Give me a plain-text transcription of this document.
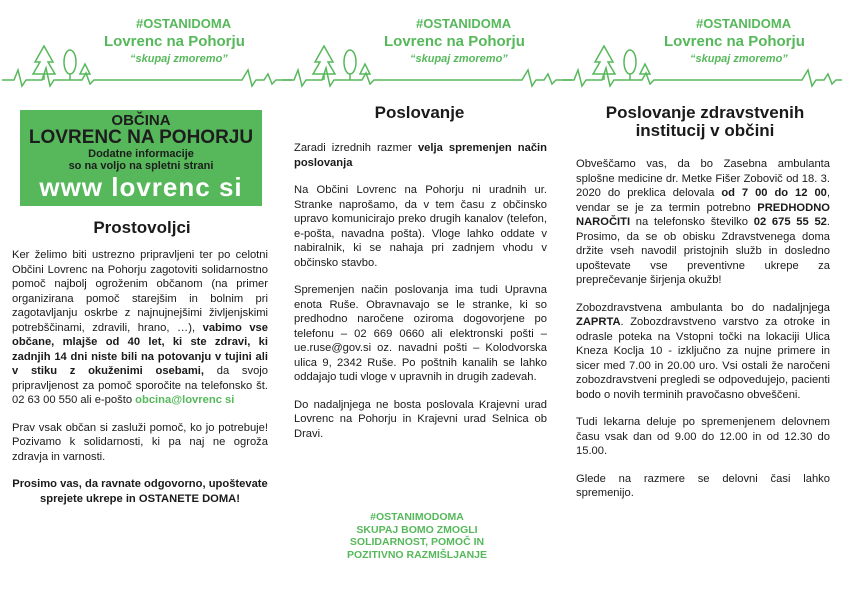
#OSTANIDOMA
Lovrenc na Pohorju
“skupaj zmoremo”
OBČINA
LOVRENC NA POHORJU
Dodatne informacije
so na voljo na spletni strani
www lovrenc si
Prostovoljci

Ker želimo biti ustrezno pripravljeni ter po celotni Občini Lovrenc na Pohorju zagotoviti solidarnostno pomoč najbolj ogroženim občanom (na primer organizirana pomoč starejšim in bolnim pri zagotavljanju oskrbe z najnujnejšimi življenjskimi potrebščinami, zdravili, hrano, …), vabimo vse občane, mlajše od 40 let, ki ste zdravi, ki zadnjih 14 dni niste bili na potovanju v tujini ali v stiku z okuženimi osebami, da svojo pripravljenost za pomoč sporočite na telefonsko št. 02 63 00 550 ali e-pošto obcina@lovrenc si

Prav vsak občan si zasluži pomoč, ko jo potrebuje! Pozivamo k solidarnosti, ki pa naj ne ogroža zdravja in varnosti.

Prosimo vas, da ravnate odgovorno, upoštevate sprejete ukrepe in OSTANETE DOMA!

#OSTANIDOMA
Lovrenc na Pohorju
“skupaj zmoremo”
Poslovanje

Zaradi izrednih razmer velja spremenjen način poslovanja

Na Občini Lovrenc na Pohorju ni uradnih ur. Stranke naprošamo, da v tem času z občinsko upravo komunicirajo preko drugih kanalov (telefon, e-pošta, navadna pošta). Vloge lahko oddate v nabiralnik, ki se nahaja pri zadnjem vhodu v občinsko stavbo.

Spremenjen način poslovanja ima tudi Upravna enota Ruše. Obravnavajo se le stranke, ki so predhodno naročene oziroma dogovorjene po telefonu – 02 669 0660 ali elektronski pošti – ue.ruse@gov.si oz. navadni pošti – Kolodvorska ulica 9, 2342 Ruše. Po poštnih kanalih se lahko oddajajo tudi vloge v upravnih in drugih zadevah.

Do nadaljnjega ne bosta poslovala Krajevni urad Lovrenc na Pohorju in Krajevni urad Selnica ob Dravi.

#OSTANIMODOMA
SKUPAJ BOMO ZMOGLI
SOLIDARNOST, POMOČ IN
POZITIVNO RAZMIŠLJANJE
#OSTANIDOMA
Lovrenc na Pohorju
“skupaj zmoremo”
Poslovanje zdravstvenih institucij v občini

Obveščamo vas, da bo Zasebna ambulanta splošne medicine dr. Metke Fišer Zobovič od 18. 3. 2020 do preklica delovala od 7 00 do 12 00, vendar se je za termin potrebno PREDHODNO NAROČITI na telefonsko številko 02 675 55 52. Prosimo, da se ob obisku Zdravstvenega doma držite vseh navodil pristojnih služb in dosledno upoštevate vse preventivne ukrepe za preprečevanje širjenja okužb!

Zobozdravstvena ambulanta bo do nadaljnjega ZAPRTA. Zobozdravstveno varstvo za otroke in odrasle poteka na Vstopni točki na lokaciji Ulica Kneza Koclja 10 - izključno za nujne primere in sicer med 7.00 in 20.00 uro. Vsi ostali že naročeni zobozdravstveni pregledi se odpovedujejo, pacienti bodo o novih terminih pravočasno obveščeni.

Tudi lekarna deluje po spremenjenem delovnem času vsak dan od 9.00 do 12.00 in od 12.30 do 15.00.

Glede na razmere se delovni časi lahko spremenijo.
